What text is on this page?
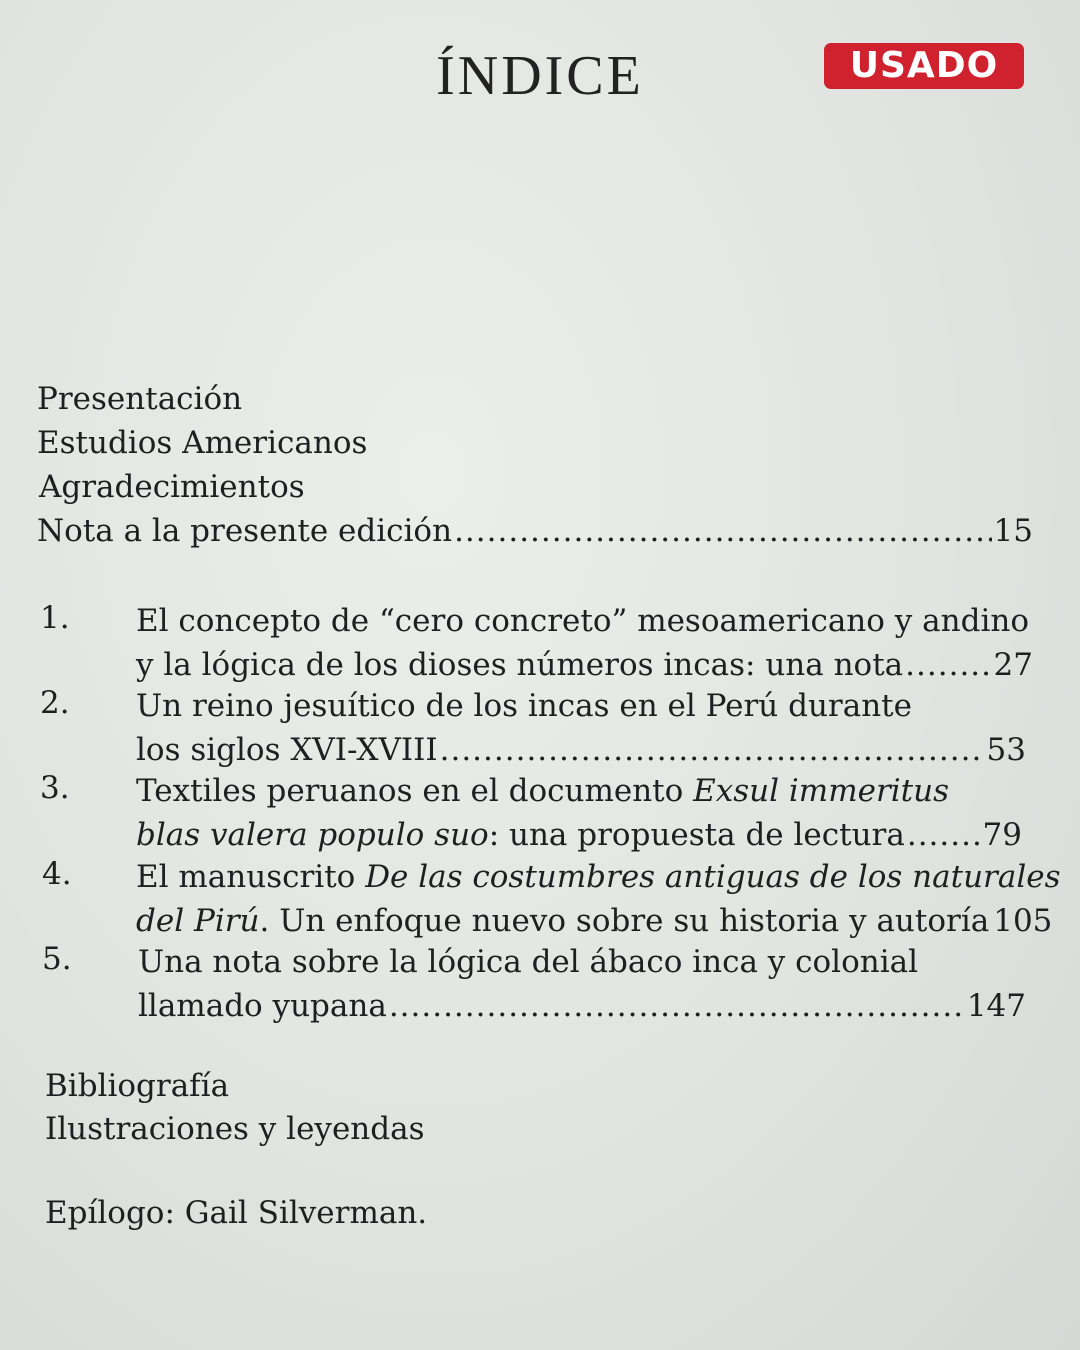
ÍNDICE	USADO
Presentación
Estudios Americanos
Agradecimientos
Nota a la presente edición .....	15
1. El concepto de “cero concreto” mesoamericano y andino
y la lógica de los dioses números incas: una nota .....	27
2. Un reino jesuítico de los incas en el Perú durante
los siglos XVI-XVIII .....	53
3. Textiles peruanos en el documento Exsul immeritus
blas valera populo suo: una propuesta de lectura .....	79
4. El manuscrito De las costumbres antiguas de los naturales
del Pirú. Un enfoque nuevo sobre su historia y autoría 105
5. Una nota sobre la lógica del ábaco inca y colonial
llamado yupana .....	147
Bibliografía
Ilustraciones y leyendas
Epílogo: Gail Silverman.
